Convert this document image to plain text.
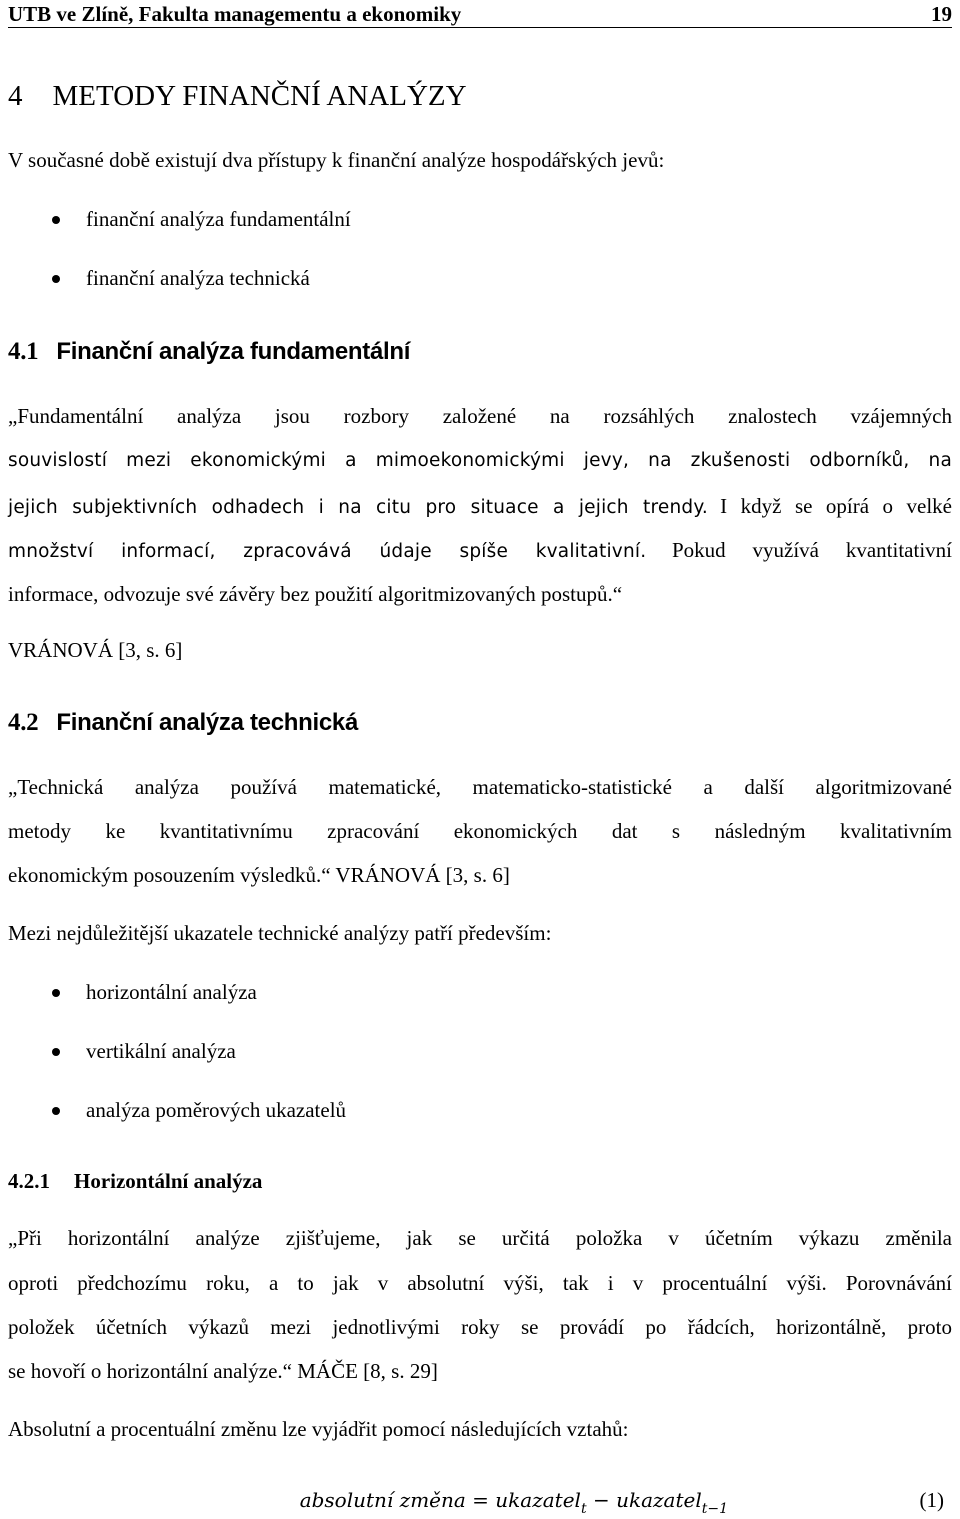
UTB ve Zlíně, Fakulta managementu a ekonomiky	19
4 METODY FINANČNÍ ANALÝZY
V současné době existují dva přístupy k finanční analýze hospodářských jevů:
finanční analýza fundamentální
finanční analýza technická
4.1 Finanční analýza fundamentální
„Fundamentální analýza jsou rozbory založené na rozsáhlých znalostech vzájemných
souvislostí mezi ekonomickými a mimoekonomickými jevy, na zkušenosti odborníků, na
jejich subjektivních odhadech i na citu pro situace a jejich trendy. I když se opírá o velké
množství informací, zpracovává údaje spíše kvalitativní. Pokud využívá kvantitativní
informace, odvozuje své závěry bez použití algoritmizovaných postupů.“
VRÁNOVÁ [3, s. 6]
4.2 Finanční analýza technická
„Technická analýza používá matematické, matematicko-statistické a další algoritmizované
metody ke kvantitativnímu zpracování ekonomických dat s následným kvalitativním
ekonomickým posouzením výsledků.“ VRÁNOVÁ [3, s. 6]
Mezi nejdůležitější ukazatele technické analýzy patří především:
horizontální analýza
vertikální analýza
analýza poměrových ukazatelů
4.2.1 Horizontální analýza
„Při horizontální analýze zjišťujeme, jak se určitá položka v účetním výkazu změnila
oproti předchozímu roku, a to jak v absolutní výši, tak i v procentuální výši. Porovnávání
položek účetních výkazů mezi jednotlivými roky se provádí po řádcích, horizontálně, proto
se hovoří o horizontální analýze.“ MÁČE [8, s. 29]
Absolutní a procentuální změnu lze vyjádřit pomocí následujících vztahů:
absolutní změna = ukazatel$_t$ − ukazatel$_{t-1}$	(1)
